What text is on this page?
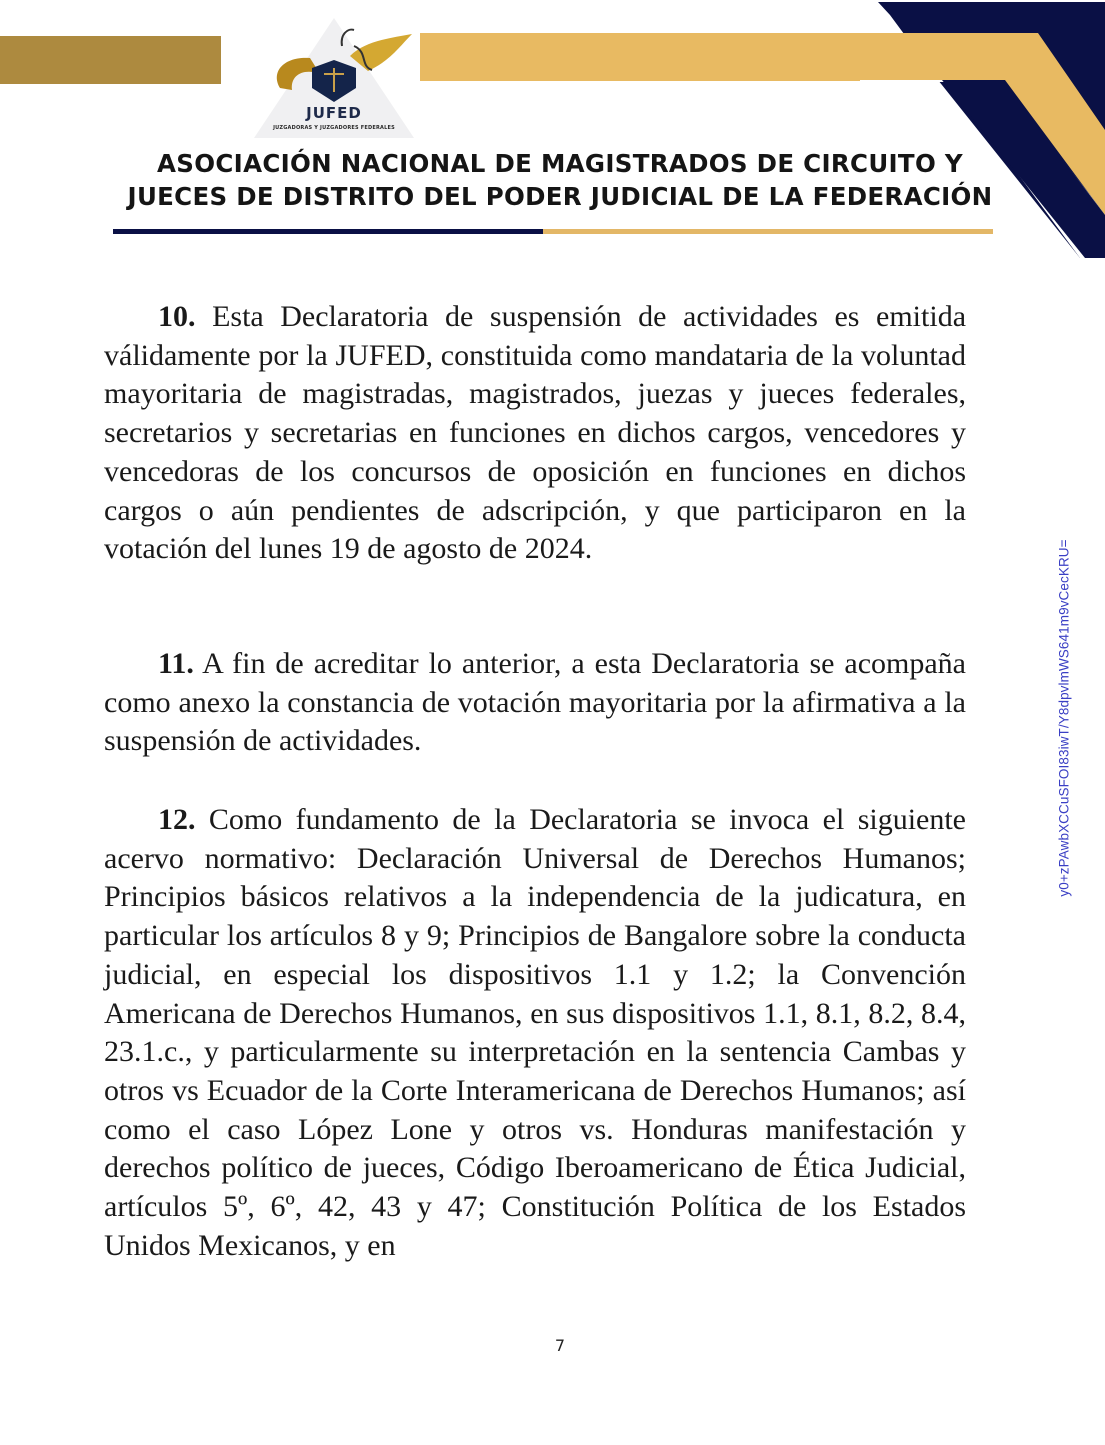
JUFED
JUZGADORAS Y JUZGADORES FEDERALES
ASOCIACIÓN NACIONAL DE MAGISTRADOS DE CIRCUITO Y
JUECES DE DISTRITO DEL PODER JUDICIAL DE LA FEDERACIÓN

10. Esta Declaratoria de suspensión de actividades es emitida válidamente por la JUFED, constituida como mandataria de la voluntad mayoritaria de magistradas, magistrados, juezas y jueces federales, secretarios y secretarias en funciones en dichos cargos, vencedores y vencedoras de los concursos de oposición en funciones en dichos cargos o aún pendientes de adscripción, y que participaron en la votación del lunes 19 de agosto de 2024.

11. A fin de acreditar lo anterior, a esta Declaratoria se acompaña como anexo la constancia de votación mayoritaria por la afirmativa a la suspensión de actividades.

12. Como fundamento de la Declaratoria se invoca el siguiente acervo normativo: Declaración Universal de Derechos Humanos; Principios básicos relativos a la independencia de la judicatura, en particular los artículos 8 y 9; Principios de Bangalore sobre la conducta judicial, en especial los dispositivos 1.1 y 1.2; la Convención Americana de Derechos Humanos, en sus dispositivos 1.1, 8.1, 8.2, 8.4, 23.1.c., y particularmente su interpretación en la sentencia Cambas y otros vs Ecuador de la Corte Interamericana de Derechos Humanos; así como el caso López Lone y otros vs. Honduras manifestación y derechos político de jueces, Código Iberoamericano de Ética Judicial, artículos 5º, 6º, 42, 43 y 47; Constitución Política de los Estados Unidos Mexicanos, y en

7
y0+zPAwbXCCuSFOI83iwT/Y8dpvlmWS641m9vCecKRU=
